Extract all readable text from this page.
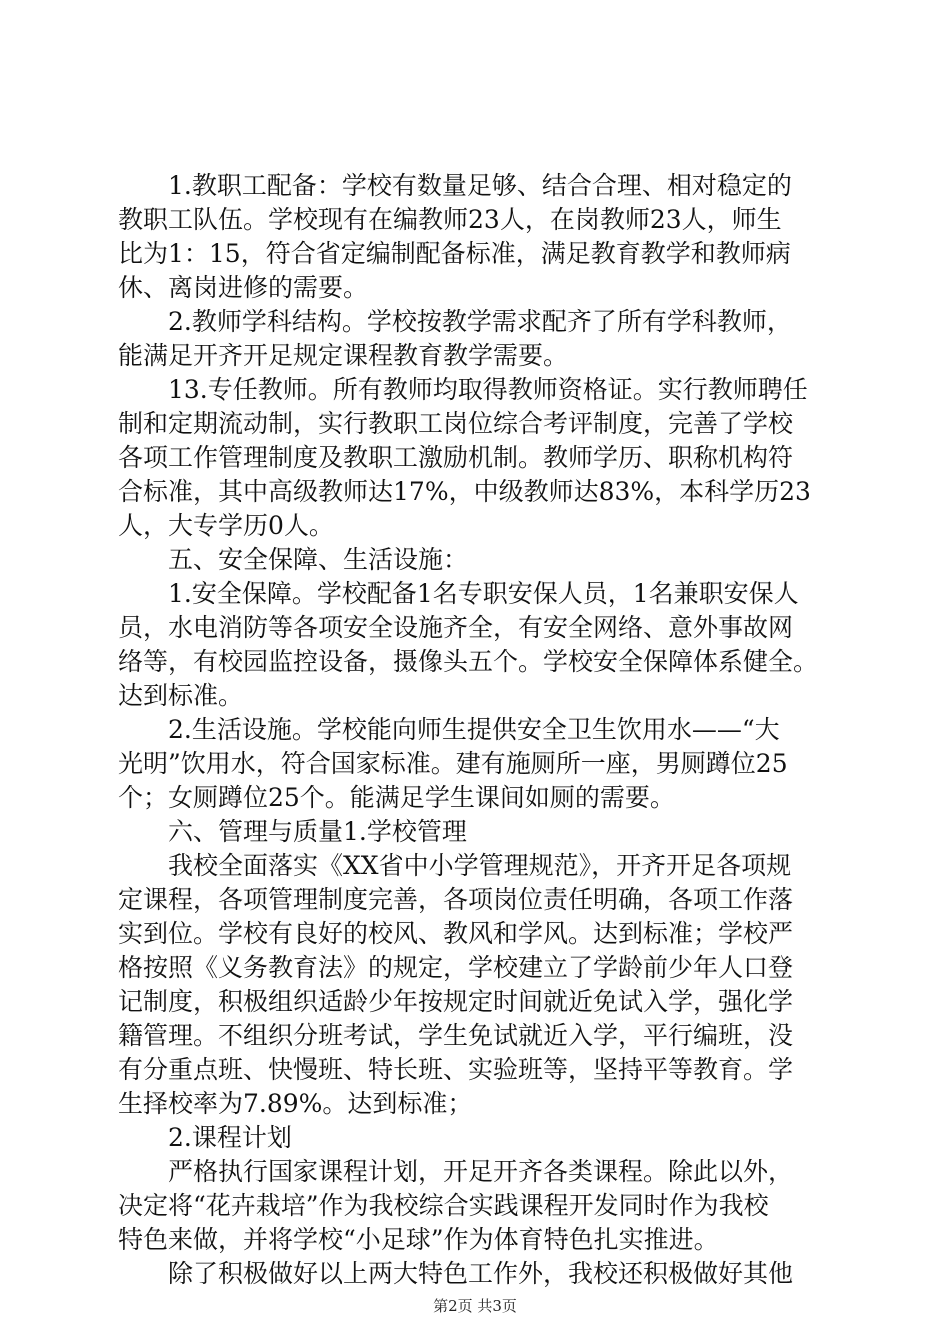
　　1.教职工配备：学校有数量足够、结合合理、相对稳定的
教职工队伍。学校现有在编教师23人，在岗教师23人，师生
比为1：15，符合省定编制配备标准，满足教育教学和教师病
休、离岗进修的需要。
　　2.教师学科结构。学校按教学需求配齐了所有学科教师，
能满足开齐开足规定课程教育教学需要。
　　13.专任教师。所有教师均取得教师资格证。实行教师聘任
制和定期流动制，实行教职工岗位综合考评制度，完善了学校
各项工作管理制度及教职工激励机制。教师学历、职称机构符
合标准，其中高级教师达17%，中级教师达83%，本科学历23
人，大专学历0人。
　　五、安全保障、生活设施：
　　1.安全保障。学校配备1名专职安保人员，1名兼职安保人
员，水电消防等各项安全设施齐全，有安全网络、意外事故网
络等，有校园监控设备，摄像头五个。学校安全保障体系健全。
达到标准。
　　2.生活设施。学校能向师生提供安全卫生饮用水——“大
光明”饮用水，符合国家标准。建有施厕所一座，男厕蹲位25
个；女厕蹲位25个。能满足学生课间如厕的需要。
　　六、管理与质量1.学校管理
　　我校全面落实《XX省中小学管理规范》，开齐开足各项规
定课程，各项管理制度完善，各项岗位责任明确，各项工作落
实到位。学校有良好的校风、教风和学风。达到标准；学校严
格按照《义务教育法》的规定，学校建立了学龄前少年人口登
记制度，积极组织适龄少年按规定时间就近免试入学，强化学
籍管理。不组织分班考试，学生免试就近入学，平行编班，没
有分重点班、快慢班、特长班、实验班等，坚持平等教育。学
生择校率为7.89%。达到标准；
　　2.课程计划
　　严格执行国家课程计划，开足开齐各类课程。除此以外，
决定将“花卉栽培”作为我校综合实践课程开发同时作为我校
特色来做，并将学校“小足球”作为体育特色扎实推进。
　　除了积极做好以上两大特色工作外，我校还积极做好其他
第2页 共3页
